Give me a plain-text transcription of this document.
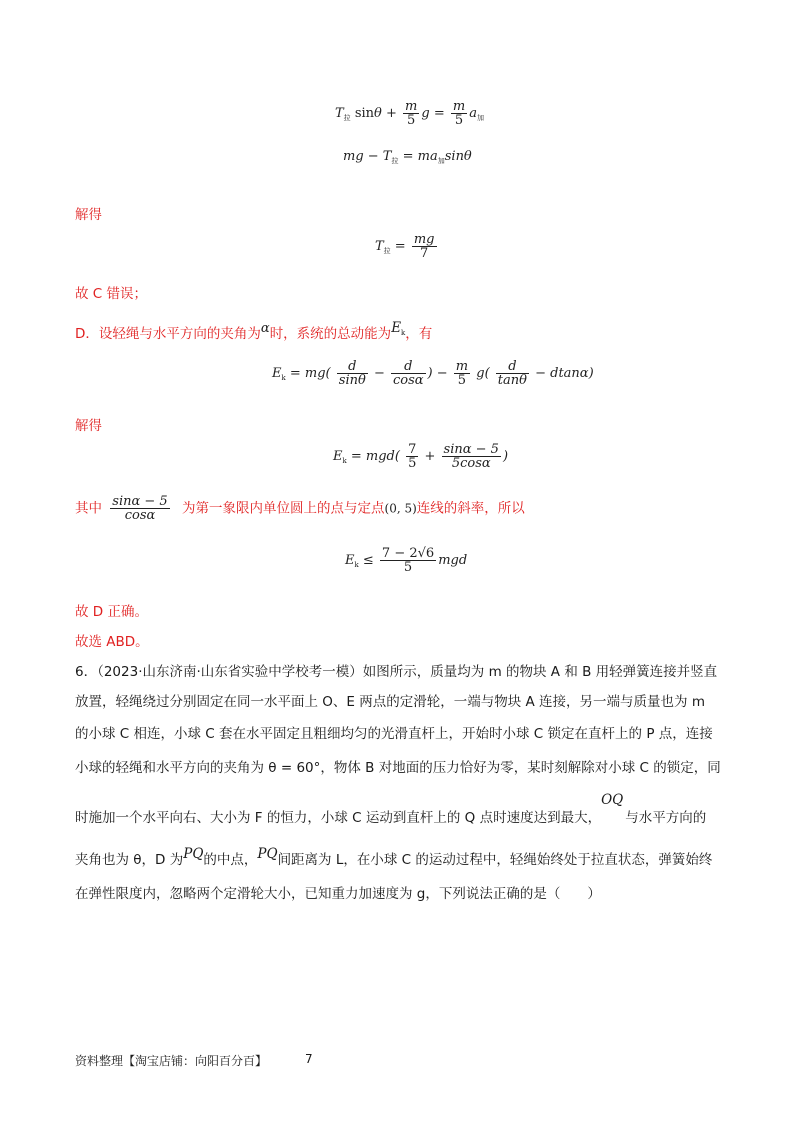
$T_拉$ $\sin\theta + \frac{m}{5}$ $g = \frac{m}{5} a_加$
mg − $T_拉 = ma_加\sin\theta$
解得
$T_拉 = \frac{mg}{7}$
故 C 错误；
D．设轻绳与水平方向的夹角为α时，系统的总动能为$E_k$，有
$E_k = mg( \frac{d}{\sin\theta} - \frac{d}{\cos\alpha}$ ) − $\frac{m}{5} g( \frac{d}{\tan\theta} - dtan\alpha)$
解得
$E_k = mgd( \frac{7}{5} + \frac{\sin\alpha - 5}{5\cos\alpha}$ )
其中 $\frac{\sin\alpha - 5}{\cos\alpha}$ 为第一象限内单位圆上的点与定点(0, 5)连线的斜率，所以
$E_k \le \frac{7 - 2√6}{5}$ mgd
故 D 正确。
故选 ABD。
6．（2023·山东济南·山东省实验中学校考一模）如图所示，质量均为 m 的物块 A 和 B 用轻弹簧连接并竖直
放置，轻绳绕过分别固定在同一水平面上 O、E 两点的定滑轮，一端与物块 A 连接，另一端与质量也为 m
的小球 C 相连，小球 C 套在水平固定且粗细均匀的光滑直杆上，开始时小球 C 锁定在直杆上的 P 点，连接
小球的轻绳和水平方向的夹角为 θ = 60°，物体 B 对地面的压力恰好为零，某时刻解除对小球 C 的锁定，同
时施加一个水平向右、大小为 F 的恒力，小球 C 运动到直杆上的 Q 点时速度达到最大，OQ与水平方向的
夹角也为 θ，D 为PQ的中点，PQ间距离为 L，在小球 C 的运动过程中，轻绳始终处于拉直状态，弹簧始终
在弹性限度内，忽略两个定滑轮大小，已知重力加速度为 g，下列说法正确的是（　　）
资料整理【淘宝店铺：向阳百分百】	7
